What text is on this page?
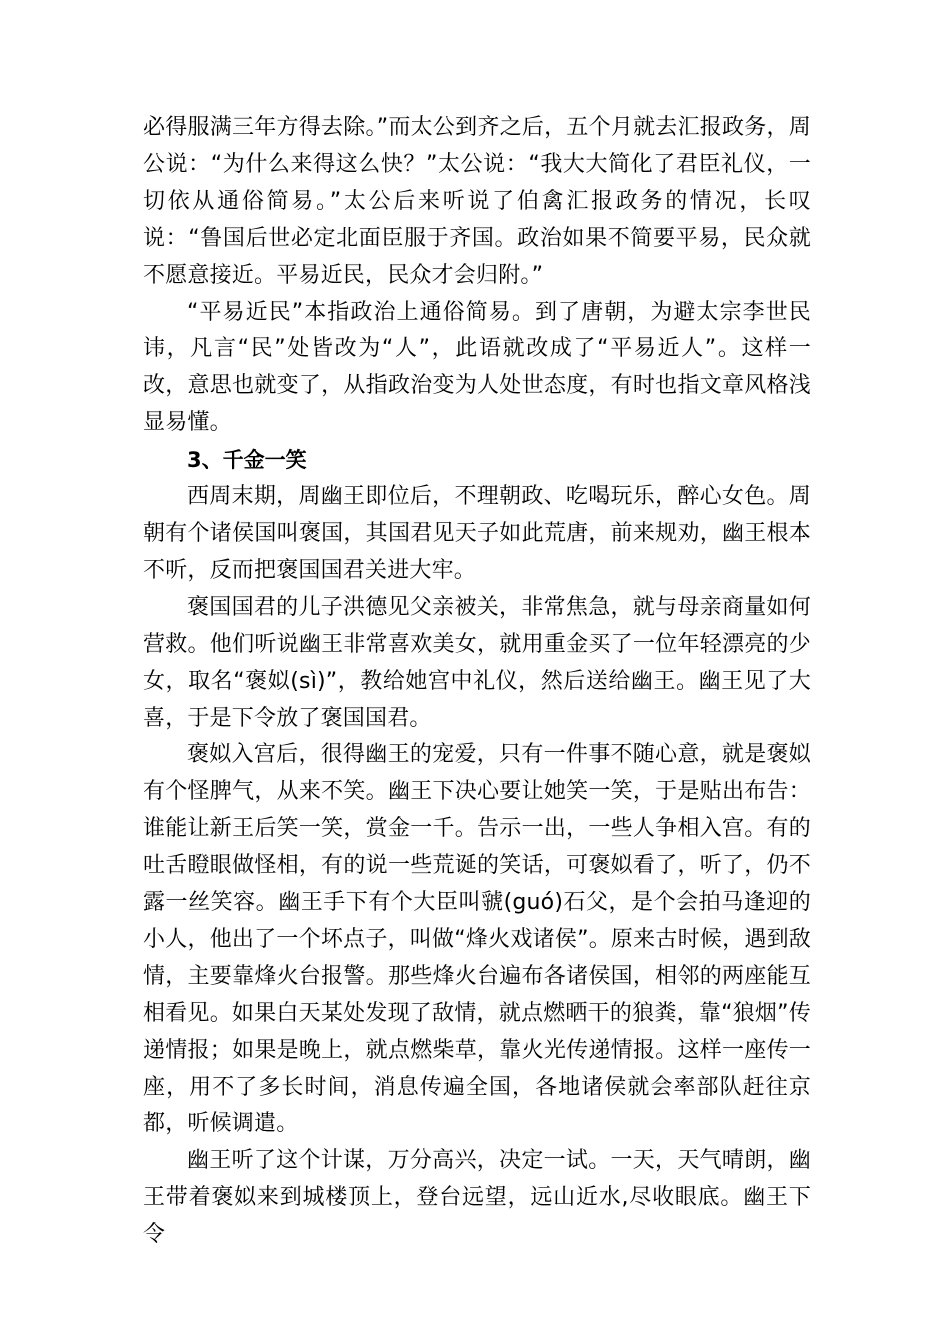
必得服满三年方得去除。”而太公到齐之后，五个月就去汇报政务，周公说：“为什么来得这么快？”太公说：“我大大简化了君臣礼仪，一切依从通俗简易。”太公后来听说了伯禽汇报政务的情况，长叹说：“鲁国后世必定北面臣服于齐国。政治如果不简要平易，民众就不愿意接近。平易近民，民众才会归附。”

“平易近民”本指政治上通俗简易。到了唐朝，为避太宗李世民讳，凡言“民”处皆改为“人”，此语就改成了“平易近人”。这样一改，意思也就变了，从指政治变为人处世态度，有时也指文章风格浅显易懂。

3、千金一笑

西周末期，周幽王即位后，不理朝政、吃喝玩乐，醉心女色。周朝有个诸侯国叫褒国，其国君见天子如此荒唐，前来规劝，幽王根本不听，反而把褒国国君关进大牢。

褒国国君的儿子洪德见父亲被关，非常焦急，就与母亲商量如何营救。他们听说幽王非常喜欢美女，就用重金买了一位年轻漂亮的少女，取名“褒姒(sì)”，教给她宫中礼仪，然后送给幽王。幽王见了大喜，于是下令放了褒国国君。

褒姒入宫后，很得幽王的宠爱，只有一件事不随心意，就是褒姒有个怪脾气，从来不笑。幽王下决心要让她笑一笑，于是贴出布告：谁能让新王后笑一笑，赏金一千。告示一出，一些人争相入宫。有的吐舌瞪眼做怪相，有的说一些荒诞的笑话，可褒姒看了，听了，仍不露一丝笑容。幽王手下有个大臣叫虢(guó)石父，是个会拍马逢迎的小人，他出了一个坏点子，叫做“烽火戏诸侯”。原来古时候，遇到敌情，主要靠烽火台报警。那些烽火台遍布各诸侯国，相邻的两座能互相看见。如果白天某处发现了敌情，就点燃晒干的狼粪，靠“狼烟”传递情报；如果是晚上，就点燃柴草，靠火光传递情报。这样一座传一座，用不了多长时间，消息传遍全国，各地诸侯就会率部队赶往京都，听候调遣。

幽王听了这个计谋，万分高兴，决定一试。一天，天气晴朗，幽王带着褒姒来到城楼顶上，登台远望，远山近水,尽收眼底。幽王下令
